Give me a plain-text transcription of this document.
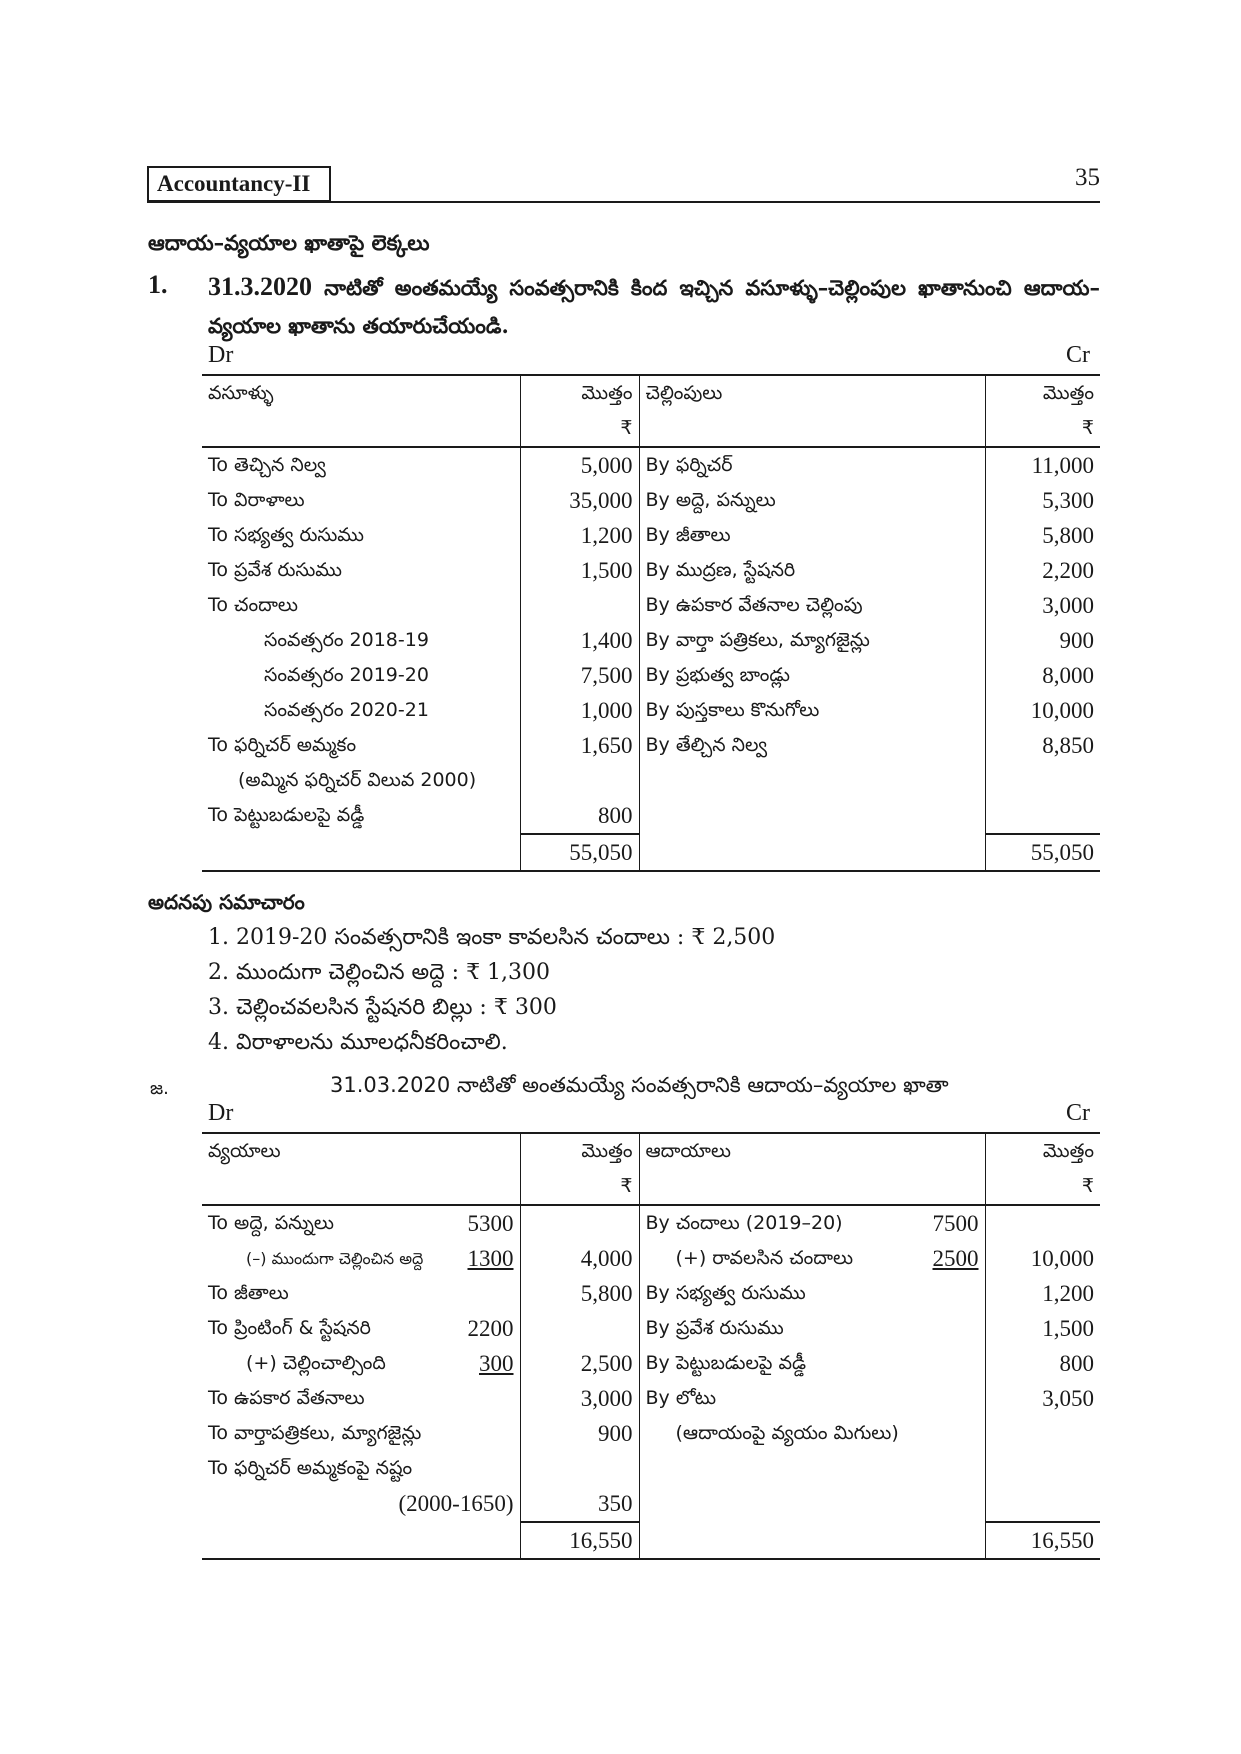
Accountancy-II	35
ఆదాయ–వ్యయాల ఖాతాపై లెక్కలు
1. 31.3.2020 నాటితో అంతమయ్యే సంవత్సరానికి కింద ఇచ్చిన వసూళ్ళు–చెల్లింపుల ఖాతానుంచి ఆదాయ–వ్యయాల ఖాతాను తయారుచేయండి.
Dr	Cr
వసూళ్ళు	మొత్తం	చెల్లింపులు	మొత్తం
	₹		₹
To తెచ్చిన నిల్వ	5,000	By ఫర్నిచర్	11,000
To విరాళాలు	35,000	By అద్దె, పన్నులు	5,300
To సభ్యత్వ రుసుము	1,200	By జీతాలు	5,800
To ప్రవేశ రుసుము	1,500	By ముద్రణ, స్టేషనరి	2,200
To చందాలు		By ఉపకార వేతనాల చెల్లింపు	3,000
సంవత్సరం 2018-19	1,400	By వార్తా పత్రికలు, మ్యాగజైన్లు	900
సంవత్సరం 2019-20	7,500	By ప్రభుత్వ బాండ్లు	8,000
సంవత్సరం 2020-21	1,000	By పుస్తకాలు కొనుగోలు	10,000
To ఫర్నిచర్ అమ్మకం	1,650	By తేల్చిన నిల్వ	8,850
(అమ్మిన ఫర్నిచర్ విలువ 2000)			
To పెట్టుబడులపై వడ్డీ	800		
	55,050		55,050
అదనపు సమాచారం
1. 2019-20 సంవత్సరానికి ఇంకా కావలసిన చందాలు : ₹ 2,500
2. ముందుగా చెల్లించిన అద్దె : ₹ 1,300
3. చెల్లించవలసిన స్టేషనరి బిల్లు : ₹ 300
4. విరాళాలను మూలధనీకరించాలి.
జ.	31.03.2020 నాటితో అంతమయ్యే సంవత్సరానికి ఆదాయ–వ్యయాల ఖాతా
Dr	Cr
వ్యయాలు	మొత్తం	ఆదాయాలు	మొత్తం
	₹		₹

To అద్దె, పన్నులు 5300		By చందాలు (2019–20) 7500	

(–) ముందుగా చెల్లించిన అద్దె 1300	4,000	(+) రావలసిన చందాలు 2500	10,000

To జీతాలు	5,800	By సభ్యత్వ రుసుము	1,200

To ప్రింటింగ్ & స్టేషనరి 2200		By ప్రవేశ రుసుము	1,500

(+) చెల్లించాల్సింది 300	2,500	By పెట్టుబడులపై వడ్డీ	800

To ఉపకార వేతనాలు	3,000	By లోటు	3,050

To వార్తాపత్రికలు, మ్యాగజైన్లు	900	(ఆదాయంపై వ్యయం మిగులు)	

To ఫర్నిచర్ అమ్మకంపై నష్టం			

(2000-1650)	350	

	16,550		16,550
